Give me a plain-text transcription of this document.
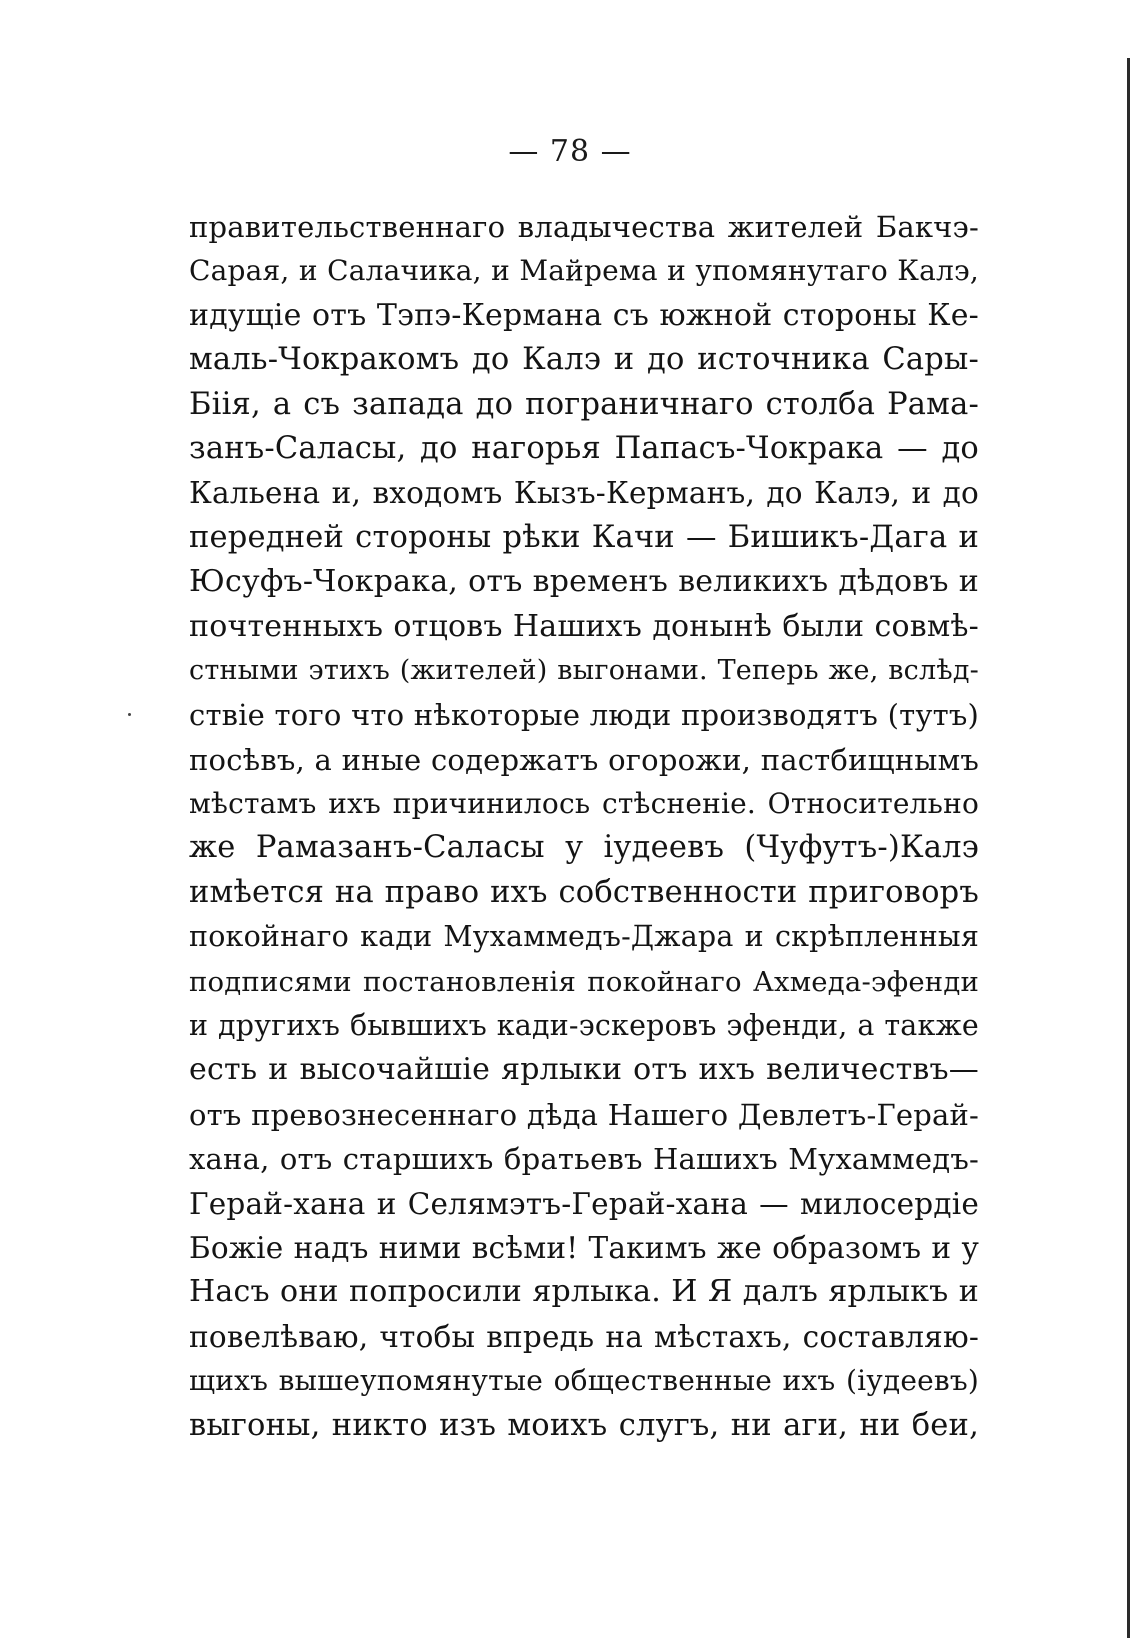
— 78 —
правительственнаго владычества жителей Бакчэ-
Сарая, и Салачика, и Майрема и упомянутаго Калэ,
идущіе отъ Тэпэ-Кермана съ южной стороны Ке-
маль-Чокракомъ до Калэ и до источника Сары-
Біія, а съ запада до пограничнаго столба Рама-
занъ-Саласы, до нагорья Папасъ-Чокрака — до
Кальена и, входомъ Кызъ-Керманъ, до Калэ, и до
передней стороны рѣки Качи — Бишикъ-Дага и
Юсуфъ-Чокрака, отъ временъ великихъ дѣдовъ и
почтенныхъ отцовъ Нашихъ донынѣ были совмѣ-
стными этихъ (жителей) выгонами. Теперь же, вслѣд-
ствіе того что нѣкоторые люди производятъ (тутъ)
посѣвъ, а иные содержатъ огорожи, пастбищнымъ
мѣстамъ ихъ причинилось стѣсненіе. Относительно
же Рамазанъ-Саласы у іудеевъ (Чуфутъ-)Калэ
имѣется на право ихъ собственности приговоръ
покойнаго кади Мухаммедъ-Джара и скрѣпленныя
подписями постановленія покойнаго Ахмеда-эфенди
и другихъ бывшихъ кади-эскеровъ эфенди, а также
есть и высочайшіе ярлыки отъ ихъ величествъ—
отъ превознесеннаго дѣда Нашего Девлетъ-Герай-
хана, отъ старшихъ братьевъ Нашихъ Мухаммедъ-
Герай-хана и Селямэтъ-Герай-хана — милосердіе
Божіе надъ ними всѣми! Такимъ же образомъ и у
Насъ они попросили ярлыка. И Я далъ ярлыкъ и
повелѣваю, чтобы впредь на мѣстахъ, составляю-
щихъ вышеупомянутые общественные ихъ (іудеевъ)
выгоны, никто изъ моихъ слугъ, ни аги, ни беи,
